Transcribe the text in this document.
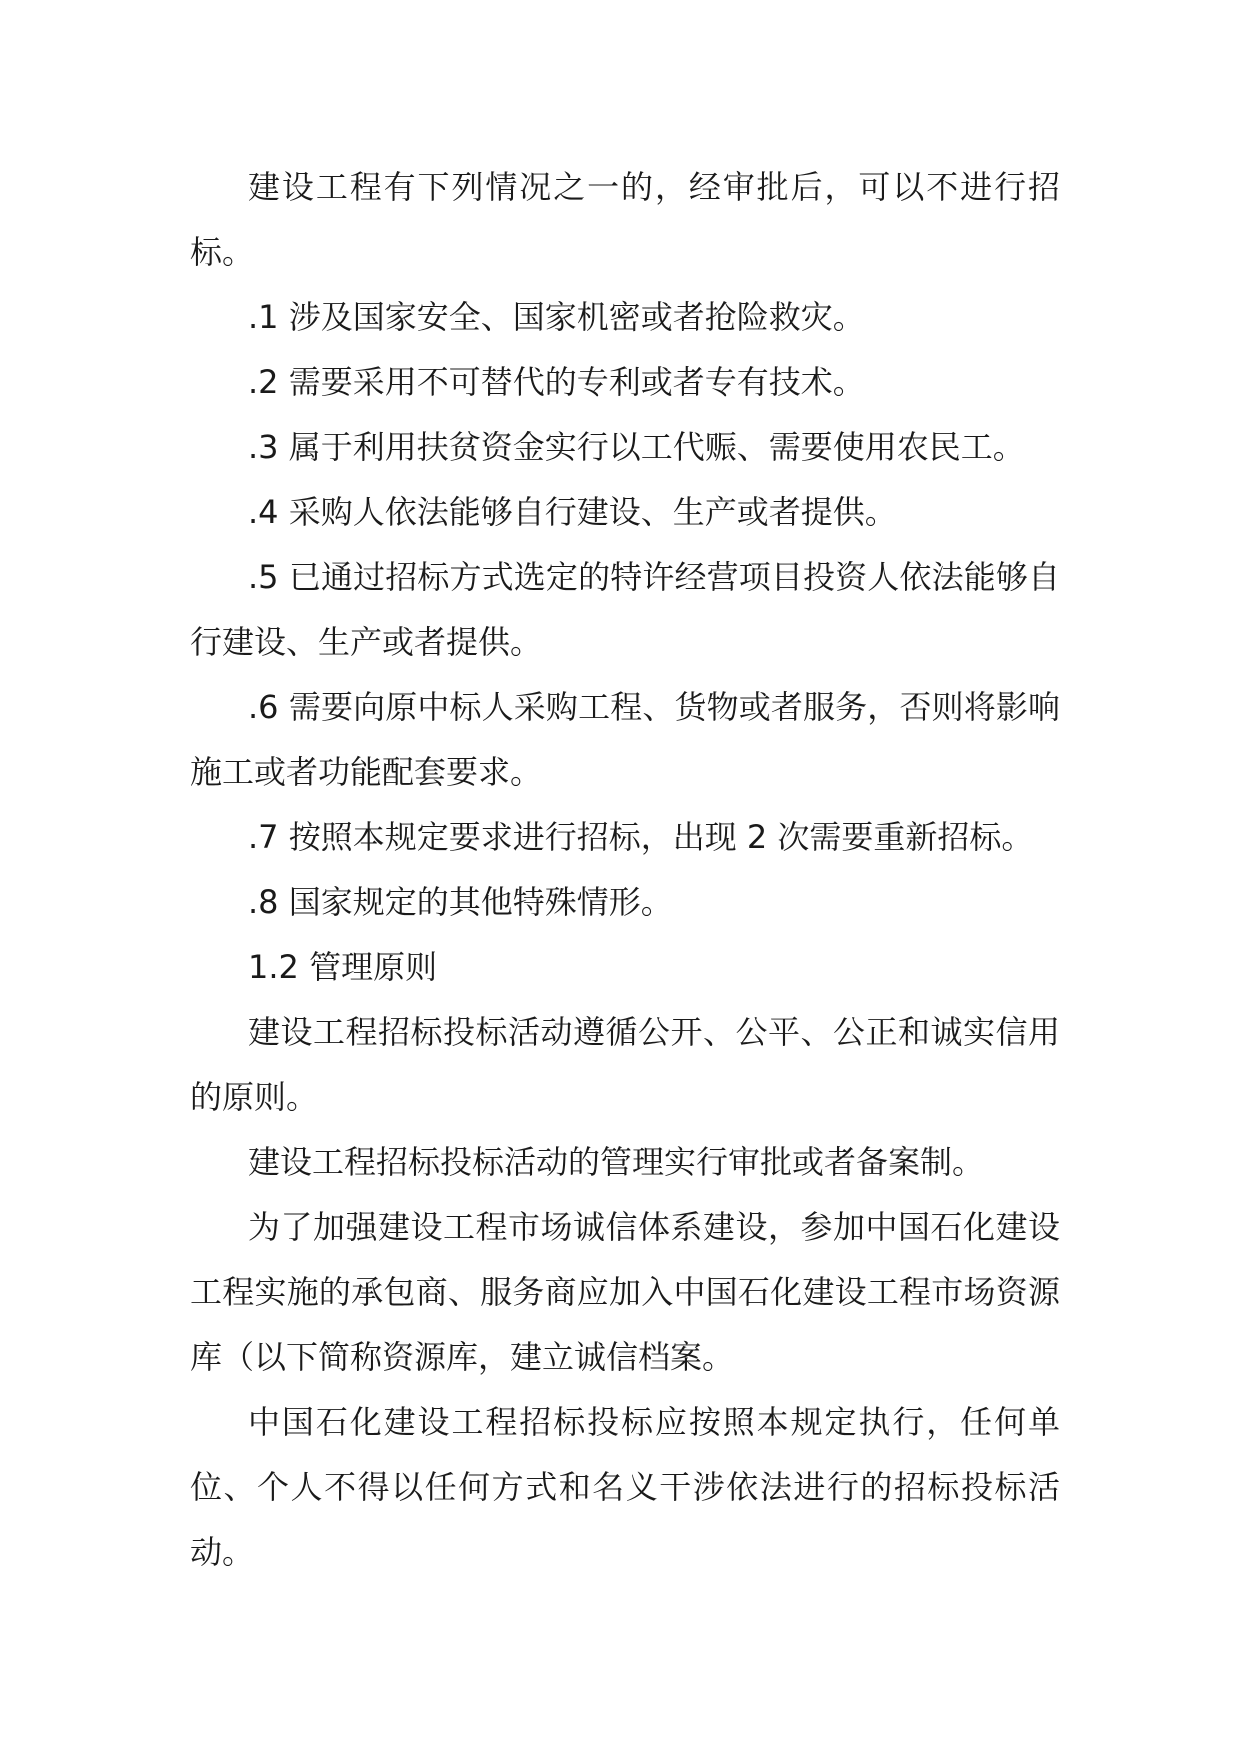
建设工程有下列情况之一的，经审批后，可以不进行招标。

.1 涉及国家安全、国家机密或者抢险救灾。

.2 需要采用不可替代的专利或者专有技术。

.3 属于利用扶贫资金实行以工代赈、需要使用农民工。

.4 采购人依法能够自行建设、生产或者提供。

.5 已通过招标方式选定的特许经营项目投资人依法能够自行建设、生产或者提供。

.6 需要向原中标人采购工程、货物或者服务，否则将影响施工或者功能配套要求。

.7 按照本规定要求进行招标，出现 2 次需要重新招标。

.8 国家规定的其他特殊情形。

1.2 管理原则

建设工程招标投标活动遵循公开、公平、公正和诚实信用的原则。

建设工程招标投标活动的管理实行审批或者备案制。

为了加强建设工程市场诚信体系建设，参加中国石化建设工程实施的承包商、服务商应加入中国石化建设工程市场资源库（以下简称资源库，建立诚信档案。

中国石化建设工程招标投标应按照本规定执行，任何单位、个人不得以任何方式和名义干涉依法进行的招标投标活动。
